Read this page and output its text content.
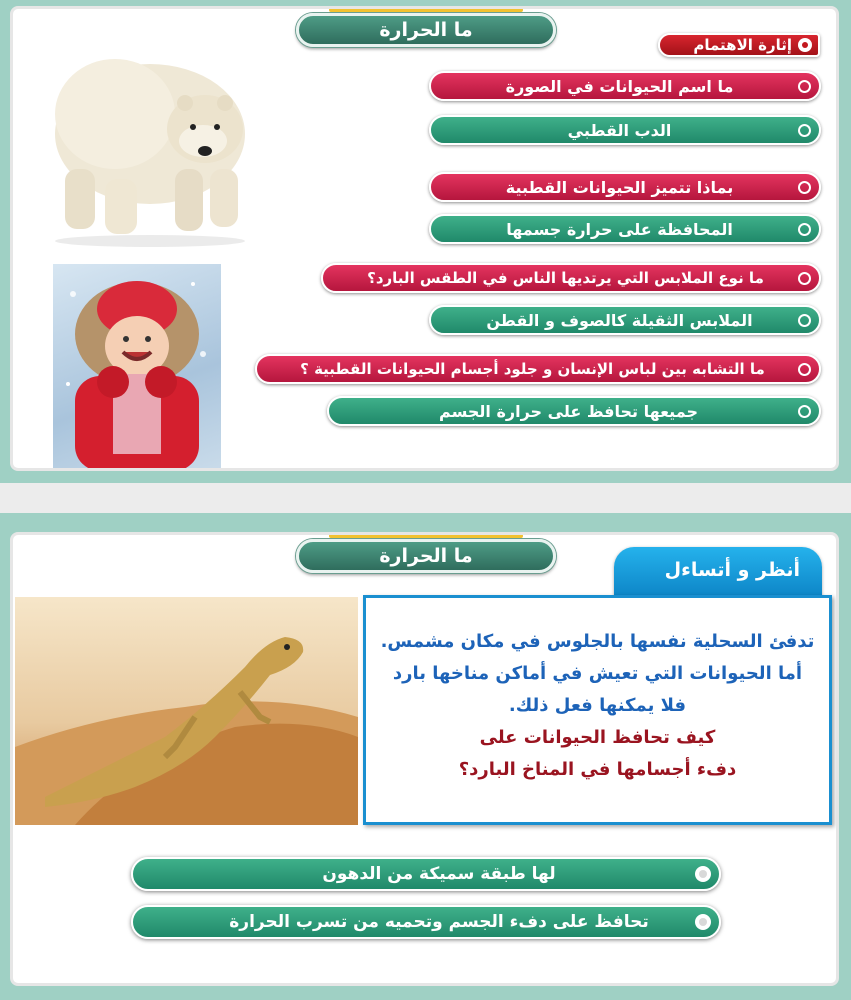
ما الحرارة
إثارة الاهتمام
ما اسم الحيوانات في الصورة
الدب القطبي
بماذا تتميز الحيوانات القطبية
المحافظة على حرارة جسمها
ما نوع الملابس التي يرتديها الناس في الطقس البارد؟
الملابس الثقيلة كالصوف و القطن
ما التشابه بين لباس الإنسان و جلود أجسام الحيوانات القطبية ؟
جميعها تحافظ على حرارة الجسم
أنظر و أتساءل
ما الحرارة
تدفئ السحلية نفسها بالجلوس في مكان مشمس.
أما الحيوانات التي تعيش في أماكن مناخها بارد
فلا يمكنها فعل ذلك.
كيف تحافظ الحيوانات على
دفء أجسامها في المناخ البارد؟
لها طبقة سميكة من الدهون
تحافظ على دفء الجسم وتحميه من تسرب الحرارة
